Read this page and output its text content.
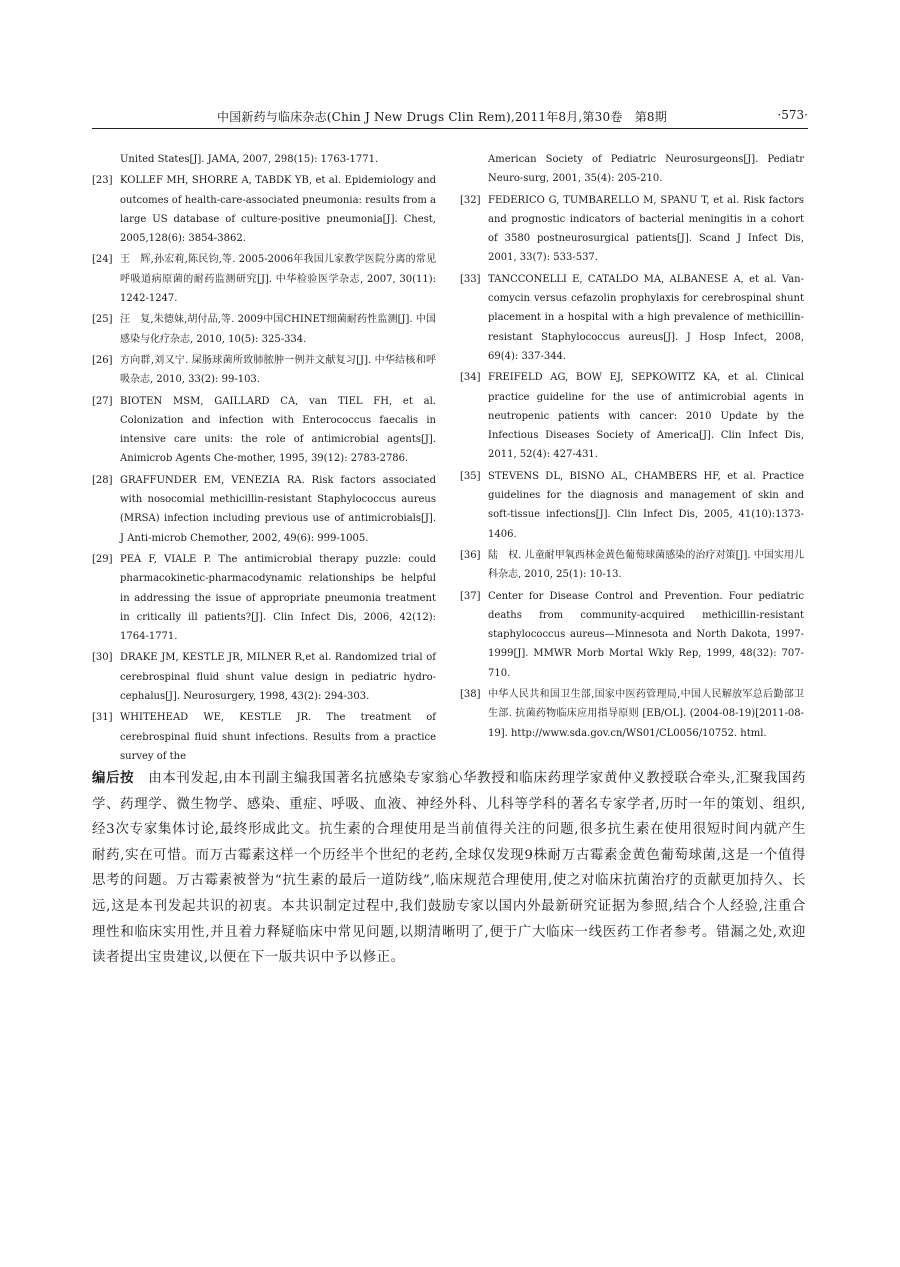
中国新药与临床杂志(Chin J New Drugs Clin Rem),2011年8月,第30卷　第8期	·573·
United States[J]. JAMA, 2007, 298(15): 1763-1771.
[23] KOLLEF MH, SHORRE A, TABDK YB, et al. Epidemiology and outcomes of health-care-associated pneumonia: results from a large US database of culture-positive pneumonia[J]. Chest, 2005,128(6): 3854-3862.
[24] 王　辉,孙宏莉,陈民钧,等. 2005-2006年我国儿家教学医院分离的常见呼吸道病原菌的耐药监测研究[J]. 中华检验医学杂志, 2007, 30(11): 1242-1247.
[25] 汪　复,朱德妹,胡付品,等. 2009中国CHINET细菌耐药性监测[J]. 中国感染与化疗杂志, 2010, 10(5): 325-334.
[26] 方向群,刘又宁. 屎肠球菌所致肺脓肿一例并文献复习[J]. 中华结核和呼吸杂志, 2010, 33(2): 99-103.
[27] BIOTEN MSM, GAILLARD CA, van TIEL FH, et al. Colonization and infection with Enterococcus faecalis in intensive care units: the role of antimicrobial agents[J]. Animicrob Agents Che-mother, 1995, 39(12): 2783-2786.
[28] GRAFFUNDER EM, VENEZIA RA. Risk factors associated with nosocomial methicillin-resistant Staphylococcus aureus (MRSA) infection including previous use of antimicrobials[J]. J Anti-microb Chemother, 2002, 49(6): 999-1005.
[29] PEA F, VIALE P. The antimicrobial therapy puzzle: could pharmacokinetic-pharmacodynamic relationships be helpful in addressing the issue of appropriate pneumonia treatment in critically ill patients?[J]. Clin Infect Dis, 2006, 42(12): 1764-1771.
[30] DRAKE JM, KESTLE JR, MILNER R,et al. Randomized trial of cerebrospinal fluid shunt value design in pediatric hydro-cephalus[J]. Neurosurgery, 1998, 43(2): 294-303.
[31] WHITEHEAD WE, KESTLE JR. The treatment of cerebrospinal fluid shunt infections. Results from a practice survey of the
American Society of Pediatric Neurosurgeons[J]. Pediatr Neuro-surg, 2001, 35(4): 205-210.
[32] FEDERICO G, TUMBARELLO M, SPANU T, et al. Risk factors and prognostic indicators of bacterial meningitis in a cohort of 3580 postneurosurgical patients[J]. Scand J Infect Dis, 2001, 33(7): 533-537.
[33] TANCCONELLI E, CATALDO MA, ALBANESE A, et al. Van-comycin versus cefazolin prophylaxis for cerebrospinal shunt placement in a hospital with a high prevalence of methicillin-resistant Staphylococcus aureus[J]. J Hosp Infect, 2008, 69(4): 337-344.
[34] FREIFELD AG, BOW EJ, SEPKOWITZ KA, et al. Clinical practice guideline for the use of antimicrobial agents in neutropenic patients with cancer: 2010 Update by the Infectious Diseases Society of America[J]. Clin Infect Dis, 2011, 52(4): 427-431.
[35] STEVENS DL, BISNO AL, CHAMBERS HF, et al. Practice guidelines for the diagnosis and management of skin and soft-tissue infections[J]. Clin Infect Dis, 2005, 41(10):1373-1406.
[36] 陆　权. 儿童耐甲氧西林金黄色葡萄球菌感染的治疗对策[J]. 中国实用儿科杂志, 2010, 25(1): 10-13.
[37] Center for Disease Control and Prevention. Four pediatric deaths from community-acquired methicillin-resistant staphylococcus aureus—Minnesota and North Dakota, 1997-1999[J]. MMWR Morb Mortal Wkly Rep, 1999, 48(32): 707-710.
[38] 中华人民共和国卫生部,国家中医药管理局,中国人民解放军总后勤部卫生部. 抗菌药物临床应用指导原则 [EB/OL]. (2004-08-19)[2011-08-19]. http://www.sda.gov.cn/WS01/CL0056/10752. html.
编后按 由本刊发起,由本刊副主编我国著名抗感染专家翁心华教授和临床药理学家黄仲义教授联合牵头,汇聚我国药学、药理学、微生物学、感染、重症、呼吸、血液、神经外科、儿科等学科的著名专家学者,历时一年的策划、组织,经3次专家集体讨论,最终形成此文。抗生素的合理使用是当前值得关注的问题,很多抗生素在使用很短时间内就产生耐药,实在可惜。而万古霉素这样一个历经半个世纪的老药,全球仅发现9株耐万古霉素金黄色葡萄球菌,这是一个值得思考的问题。万古霉素被誉为“抗生素的最后一道防线”,临床规范合理使用,使之对临床抗菌治疗的贡献更加持久、长远,这是本刊发起共识的初衷。本共识制定过程中,我们鼓励专家以国内外最新研究证据为参照,结合个人经验,注重合理性和临床实用性,并且着力释疑临床中常见问题,以期清晰明了,便于广大临床一线医药工作者参考。错漏之处,欢迎读者提出宝贵建议,以便在下一版共识中予以修正。
